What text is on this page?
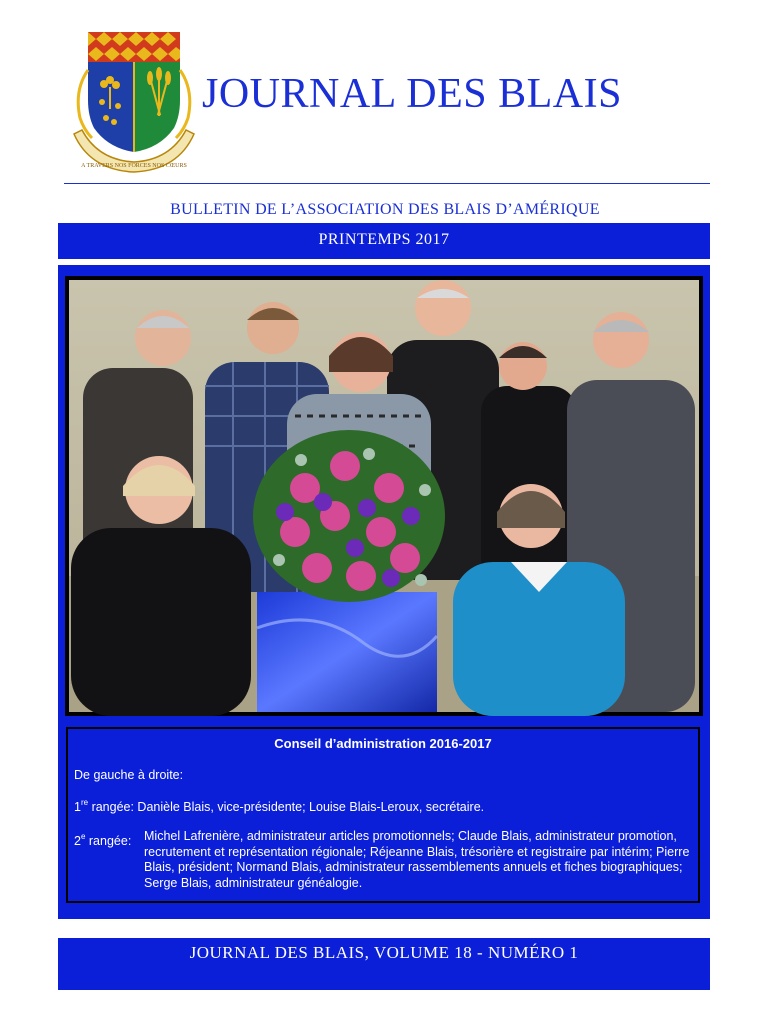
A TRAVERS NOS FORCES NOS CŒURS
JOURNAL DES BLAIS
BULLETIN DE L’ASSOCIATION DES BLAIS D’AMÉRIQUE
PRINTEMPS 2017
Conseil d’administration 2016-2017
De gauche à droite:
1re rangée: Danièle Blais, vice-présidente; Louise Blais-Leroux, secrétaire.
2e rangée: Michel Lafrenière, administrateur articles promotionnels; Claude Blais, administrateur promotion, recrutement et représentation régionale; Réjeanne Blais, trésorière et registraire par intérim; Pierre Blais, président; Normand Blais, administrateur rassemblements annuels et fiches biographiques; Serge Blais, administrateur généalogie.
JOURNAL DES BLAIS, VOLUME 18 - NUMÉRO 1
